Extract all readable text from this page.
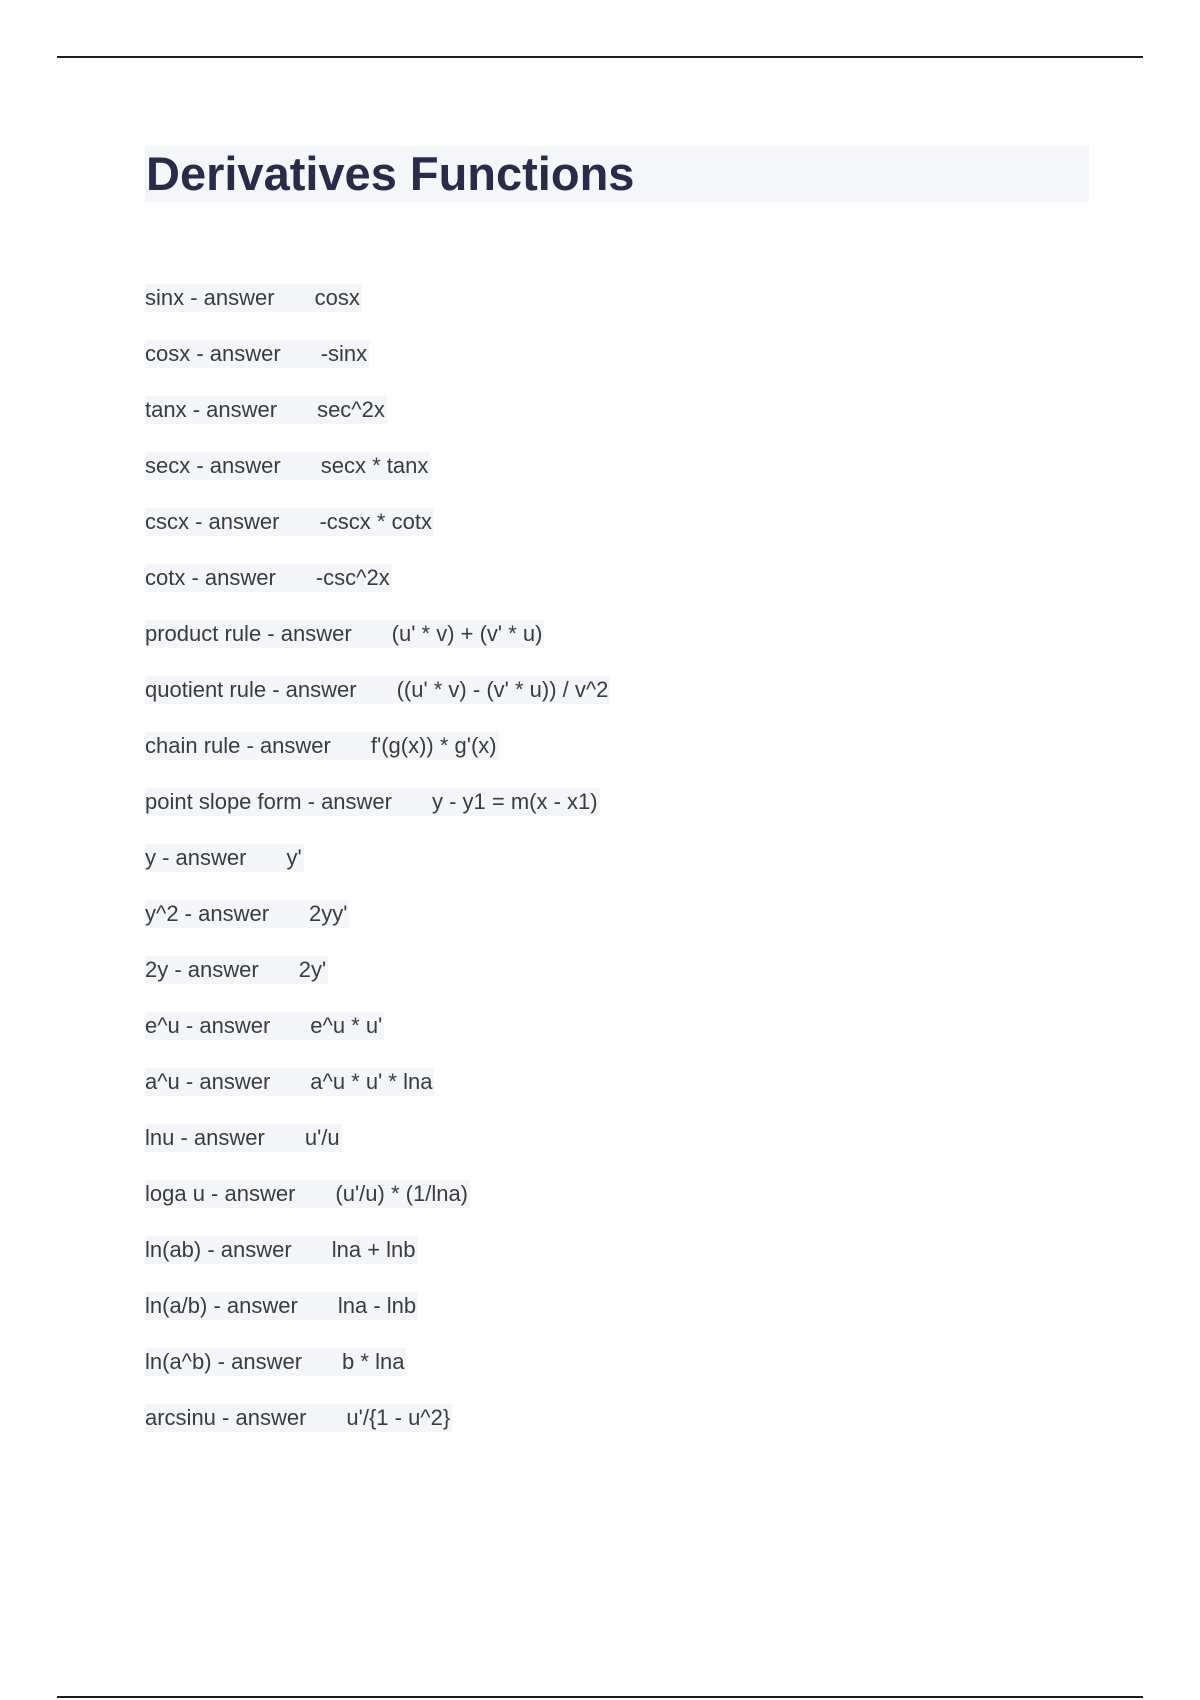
Derivatives Functions
sinx - answer cosx
cosx - answer -sinx
tanx - answer sec^2x
secx - answer secx * tanx
cscx - answer -cscx * cotx
cotx - answer -csc^2x
product rule - answer (u' * v) + (v' * u)
quotient rule - answer ((u' * v) - (v' * u)) / v^2
chain rule - answer f'(g(x)) * g'(x)
point slope form - answer y - y1 = m(x - x1)
y - answer y'
y^2 - answer 2yy'
2y - answer 2y'
e^u - answer e^u * u'
a^u - answer a^u * u' * lna
lnu - answer u'/u
loga u - answer (u'/u) * (1/lna)
ln(ab) - answer lna + lnb
ln(a/b) - answer lna - lnb
ln(a^b) - answer b * lna
arcsinu - answer u'/{1 - u^2}
